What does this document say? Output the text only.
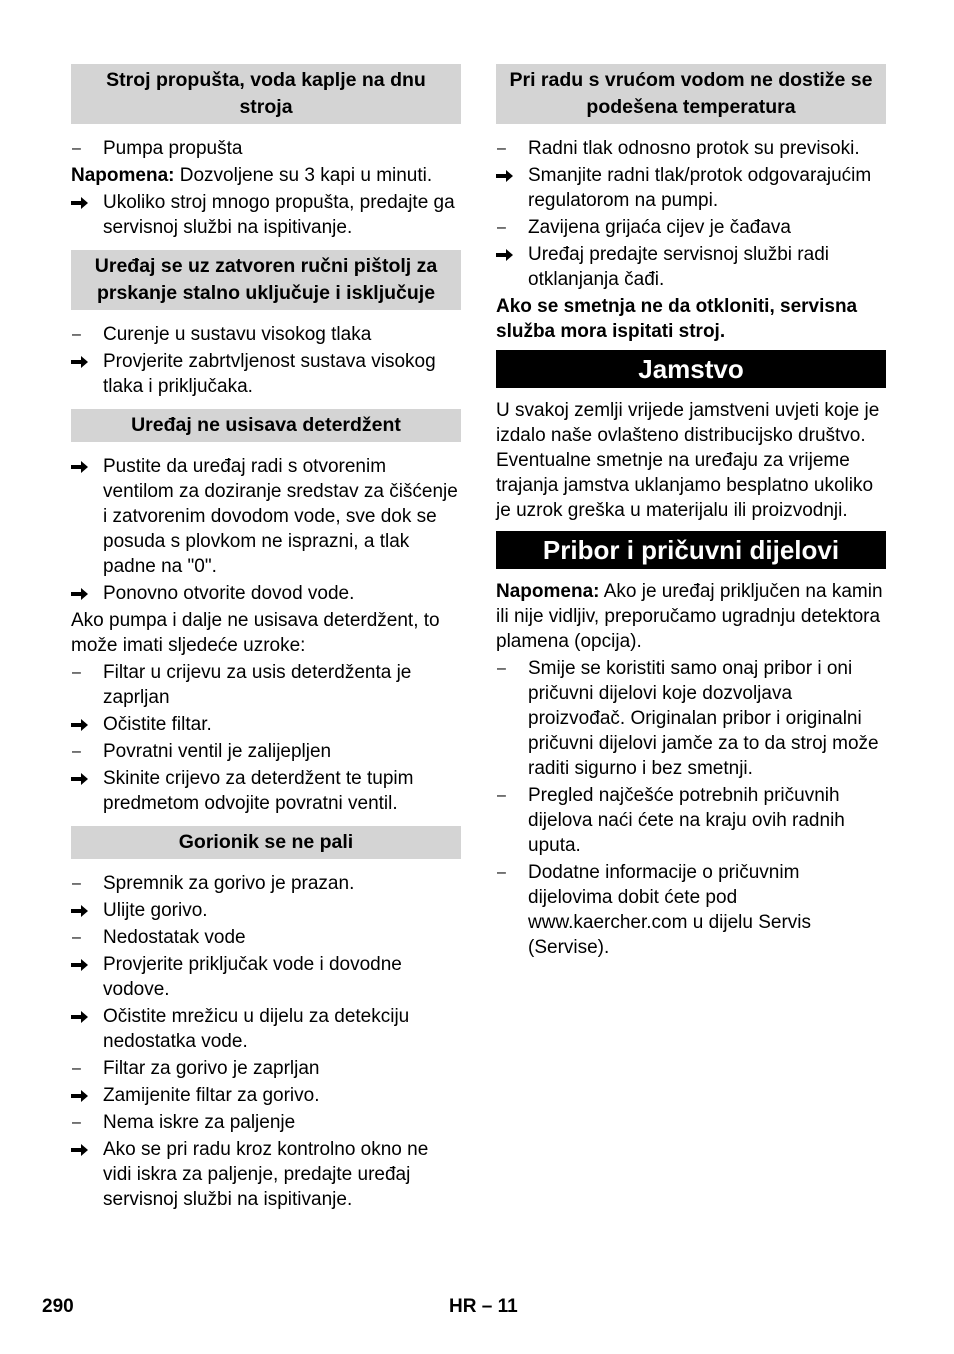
Stroj propušta, voda kaplje na dnu stroja
–	Pumpa propušta

Napomena: Dozvoljene su 3 kapi u minuti.

Ukoliko stroj mnogo propušta, predajte ga servisnoj službi na ispitivanje.
Uređaj se uz zatvoren ručni pištolj za prskanje stalno uključuje i isključuje
–	Curenje u sustavu visokog tlaka
Provjerite zabrtvljenost sustava visokog tlaka i priključaka.
Uređaj ne usisava deterdžent
Pustite da uređaj radi s otvorenim ventilom za doziranje sredstav za čišćenje i zatvorenim dovodom vode, sve dok se posuda s plovkom ne isprazni, a tlak padne na "0".
Ponovno otvorite dovod vode.

Ako pumpa i dalje ne usisava deterdžent, to može imati sljedeće uzroke:

–	Filtar u crijevu za usis deterdženta je zaprljan
Očistite filtar.
–	Povratni ventil je zalijepljen
Skinite crijevo za deterdžent te tupim predmetom odvojite povratni ventil.
Gorionik se ne pali
–	Spremnik za gorivo je prazan.
Ulijte gorivo.
–	Nedostatak vode
Provjerite priključak vode i dovodne vodove.
Očistite mrežicu u dijelu za detekciju nedostatka vode.
–	Filtar za gorivo je zaprljan
Zamijenite filtar za gorivo.
–	Nema iskre za paljenje
Ako se pri radu kroz kontrolno okno ne vidi iskra za paljenje, predajte uređaj servisnoj službi na ispitivanje.
Pri radu s vrućom vodom ne dostiže se podešena temperatura
–	Radni tlak odnosno protok su previsoki.
Smanjite radni tlak/protok odgovarajućim regulatorom na pumpi.
–	Zavijena grijaća cijev je čađava
Uređaj predajte servisnoj službi radi otklanjanja čađi.

Ako se smetnja ne da otkloniti, servisna služba mora ispitati stroj.

Jamstvo

U svakoj zemlji vrijede jamstveni uvjeti koje je izdalo naše ovlašteno distribucijsko društvo. Eventualne smetnje na uređaju za vrijeme trajanja jamstva uklanjamo besplatno ukoliko je uzrok greška u materijalu ili proizvodnji.

Pribor i pričuvni dijelovi

Napomena: Ako je uređaj priključen na kamin ili nije vidljiv, preporučamo ugradnju detektora plamena (opcija).

–	Smije se koristiti samo onaj pribor i oni pričuvni dijelovi koje dozvoljava proizvođač. Originalan pribor i originalni pričuvni dijelovi jamče za to da stroj može raditi sigurno i bez smetnji.
–	Pregled najčešće potrebnih pričuvnih dijelova naći ćete na kraju ovih radnih uputa.
–	Dodatne informacije o pričuvnim dijelovima dobit ćete pod www.kaercher.com u dijelu Servis (Servise).
290	HR – 11
